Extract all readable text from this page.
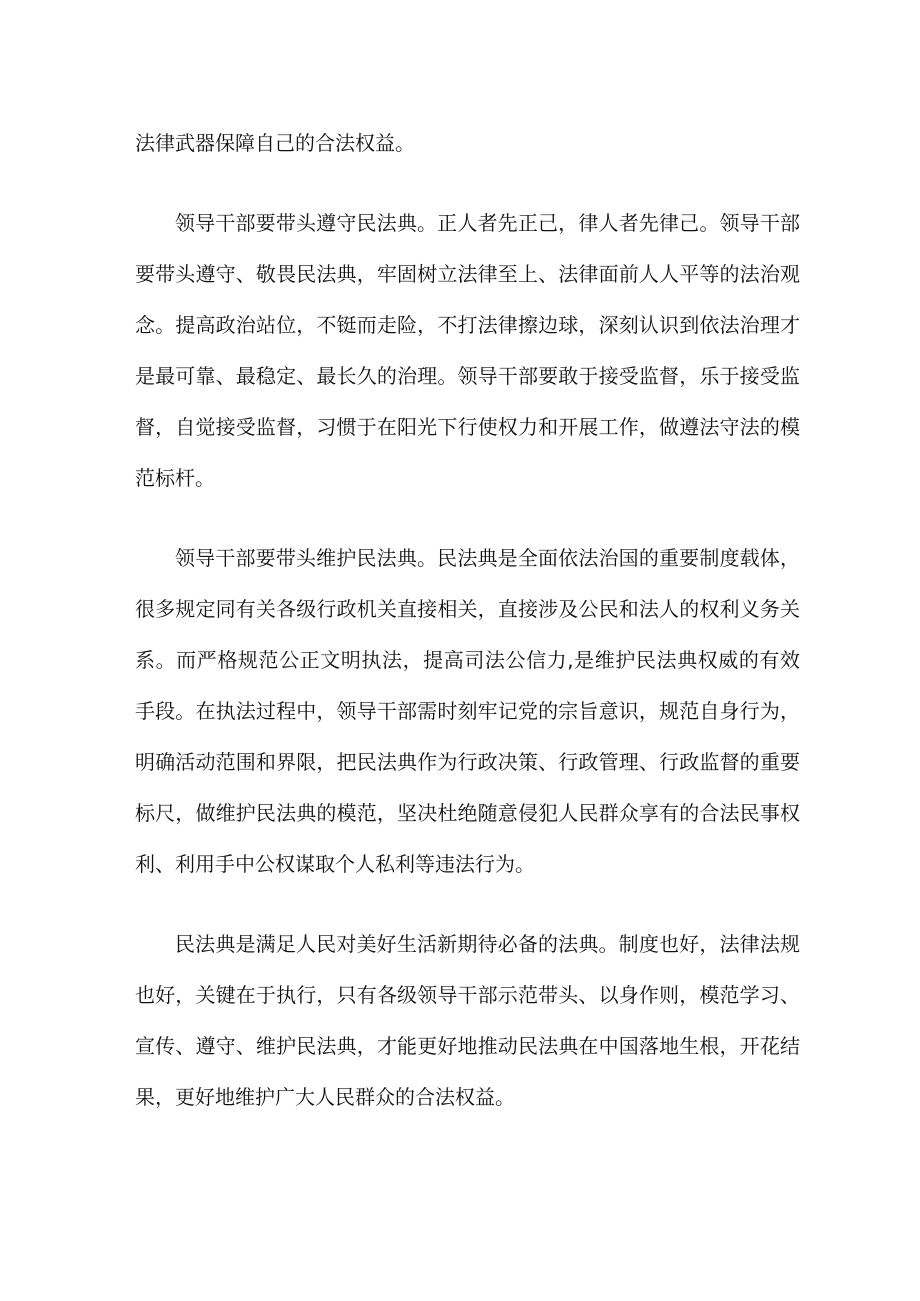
法律武器保障自己的合法权益。

领导干部要带头遵守民法典。正人者先正己，律人者先律己。领导干部要带头遵守、敬畏民法典，牢固树立法律至上、法律面前人人平等的法治观念。提高政治站位，不铤而走险，不打法律擦边球，深刻认识到依法治理才是最可靠、最稳定、最长久的治理。领导干部要敢于接受监督，乐于接受监督，自觉接受监督，习惯于在阳光下行使权力和开展工作，做遵法守法的模范标杆。

领导干部要带头维护民法典。民法典是全面依法治国的重要制度载体，很多规定同有关各级行政机关直接相关，直接涉及公民和法人的权利义务关系。而严格规范公正文明执法，提高司法公信力,是维护民法典权威的有效手段。在执法过程中，领导干部需时刻牢记党的宗旨意识，规范自身行为，明确活动范围和界限，把民法典作为行政决策、行政管理、行政监督的重要标尺，做维护民法典的模范，坚决杜绝随意侵犯人民群众享有的合法民事权利、利用手中公权谋取个人私利等违法行为。

民法典是满足人民对美好生活新期待必备的法典。制度也好，法律法规也好，关键在于执行，只有各级领导干部示范带头、以身作则，模范学习、宣传、遵守、维护民法典，才能更好地推动民法典在中国落地生根，开花结果，更好地维护广大人民群众的合法权益。
